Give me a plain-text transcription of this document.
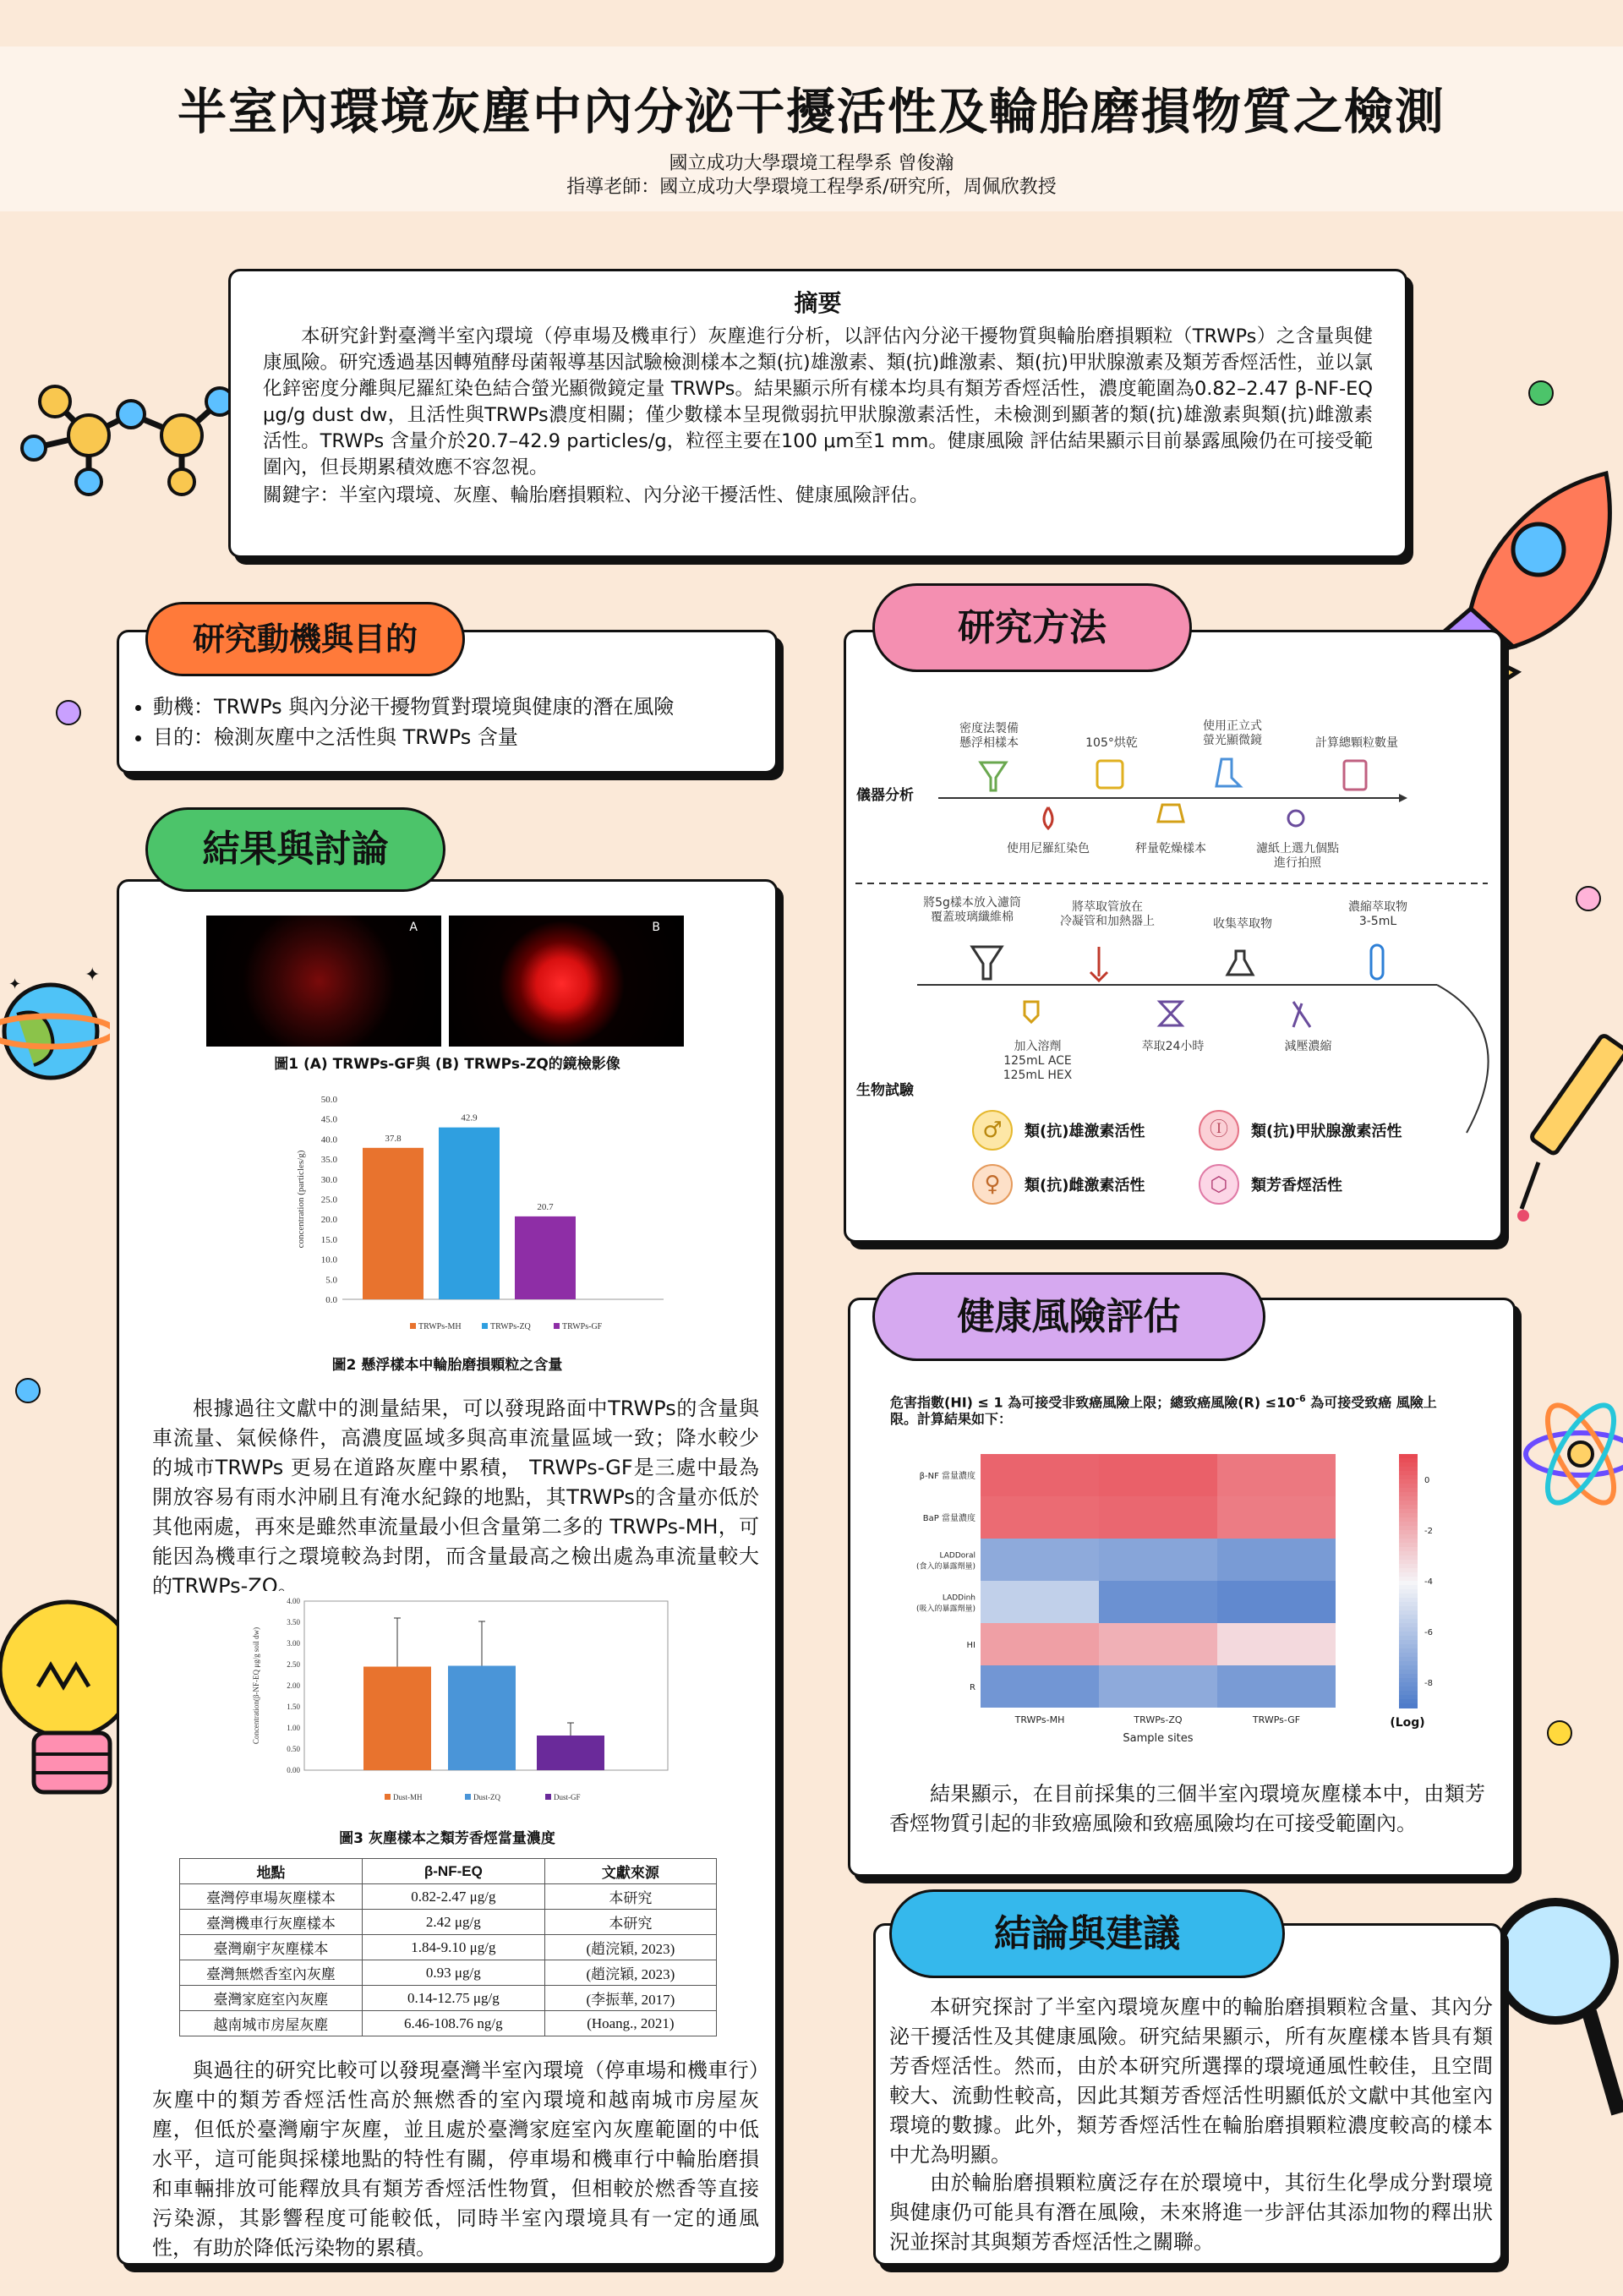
✦
✦
半室內環境灰塵中內分泌干擾活性及輪胎磨損物質之檢測
國立成功大學環境工程學系 曾俊瀚
指導老師：國立成功大學環境工程學系/研究所，周佩欣教授
摘要
本研究針對臺灣半室內環境（停車場及機車行）灰塵進行分析，以評估內分泌干擾物質與輪胎磨損顆粒（TRWPs）之含量與健康風險。研究透過基因轉殖酵母菌報導基因試驗檢測樣本之類(抗)雄激素、類(抗)雌激素、類(抗)甲狀腺激素及類芳香烴活性，並以氯化鋅密度分離與尼羅紅染色結合螢光顯微鏡定量 TRWPs。結果顯示所有樣本均具有類芳香烴活性，濃度範圍為0.82–2.47 β-NF-EQ μg/g dust dw，且活性與TRWPs濃度相關；僅少數樣本呈現微弱抗甲狀腺激素活性，未檢測到顯著的類(抗)雄激素與類(抗)雌激素活性。TRWPs 含量介於20.7–42.9 particles/g，粒徑主要在100 μm至1 mm。健康風險 評估結果顯示目前暴露風險仍在可接受範圍內，但長期累積效應不容忽視。
關鍵字：半室內環境、灰塵、輪胎磨損顆粒、內分泌干擾活性、健康風險評估。
• 動機：TRWPs 與內分泌干擾物質對環境與健康的潛在風險
• 目的：檢測灰塵中之活性與 TRWPs 含量
研究動機與目的
結果與討論
A	B
圖1 (A) TRWPs-GF與 (B) TRWPs-ZQ的鏡檢影像
0.0
5.0
10.0
15.0
20.0
25.0
30.0
35.0
40.0
45.0
50.0
concentration (particles/g)
37.8
42.9
20.7
TRWPs-MH	TRWPs-ZQ	TRWPs-GF
圖2 懸浮樣本中輪胎磨損顆粒之含量
根據過往文獻中的測量結果，可以發現路面中TRWPs的含量與車流量、氣候條件，高濃度區域多與高車流量區域一致；降水較少的城市TRWPs 更易在道路灰塵中累積， TRWPs-GF是三處中最為開放容易有雨水沖刷且有淹水紀錄的地點，其TRWPs的含量亦低於其他兩處，再來是雖然車流量最小但含量第二多的 TRWPs-MH，可能因為機車行之環境較為封閉，而含量最高之檢出處為車流量較大的TRWPs-ZQ。
0.00
0.50
1.00
1.50
2.00
2.50
3.00
3.50
4.00
Concentration(β-NF-EQ μg/g soil dw)
Dust-MH	Dust-ZQ	Dust-GF
圖3 灰塵樣本之類芳香烴當量濃度
地點	β-NF-EQ	文獻來源
臺灣停車場灰塵樣本	0.82-2.47 μg/g	本研究
臺灣機車行灰塵樣本	2.42 μg/g	本研究
臺灣廟宇灰塵樣本	1.84-9.10 μg/g	(趙浣穎, 2023)
臺灣無燃香室內灰塵	0.93 μg/g	(趙浣穎, 2023)
臺灣家庭室內灰塵	0.14-12.75 μg/g	(李振華, 2017)
越南城市房屋灰塵	6.46-108.76 ng/g	(Hoang., 2021)
與過往的研究比較可以發現臺灣半室內環境（停車場和機車行）灰塵中的類芳香烴活性高於無燃香的室內環境和越南城市房屋灰塵，但低於臺灣廟宇灰塵，並且處於臺灣家庭室內灰塵範圍的中低水平，這可能與採樣地點的特性有關，停車場和機車行中輪胎磨損和車輛排放可能釋放具有類芳香烴活性物質，但相較於燃香等直接污染源，其影響程度可能較低，同時半室內環境具有一定的通風性，有助於降低污染物的累積。
研究方法
儀器分析
生物試驗
密度法製備
懸浮相樣本	105°烘乾
使用正立式
螢光顯微鏡	計算總顆粒數量
使用尼羅紅染色	秤量乾燥樣本	濾紙上選九個點
進行拍照
將5g樣本放入濾筒
覆蓋玻璃纖維棉
將萃取管放在
冷凝管和加熱器上	收集萃取物
濃縮萃取物
3-5mL
加入溶劑
125mL ACE
125mL HEX
萃取24小時	減壓濃縮
♂	類(抗)雄激素活性	Ⓘ	類(抗)甲狀腺激素活性
♀	類(抗)雌激素活性	⬡	類芳香烴活性
健康風險評估
危害指數(HI) ≤ 1 為可接受非致癌風險上限；總致癌風險$(R) \le 10^{-6}$ 為可接受致癌 風險上限。計算結果如下：
β-NF 當量濃度
BaP 當量濃度
LADDoral
(食入的暴露劑量)
LADDinh
(吸入的暴露劑量)
HI
R
TRWPs-MH	TRWPs-ZQ	TRWPs-GF
Sample sites
0
-2
-4
-6
-8
(Log)
結果顯示，在目前採集的三個半室內環境灰塵樣本中，由類芳香烴物質引起的非致癌風險和致癌風險均在可接受範圍內。
結論與建議
本研究探討了半室內環境灰塵中的輪胎磨損顆粒含量、其內分泌干擾活性及其健康風險。研究結果顯示，所有灰塵樣本皆具有類芳香烴活性。然而，由於本研究所選擇的環境通風性較佳，且空間較大、流動性較高，因此其類芳香烴活性明顯低於文獻中其他室內環境的數據。此外，類芳香烴活性在輪胎磨損顆粒濃度較高的樣本中尤為明顯。
由於輪胎磨損顆粒廣泛存在於環境中，其衍生化學成分對環境與健康仍可能具有潛在風險，未來將進一步評估其添加物的釋出狀況並探討其與類芳香烴活性之關聯。
